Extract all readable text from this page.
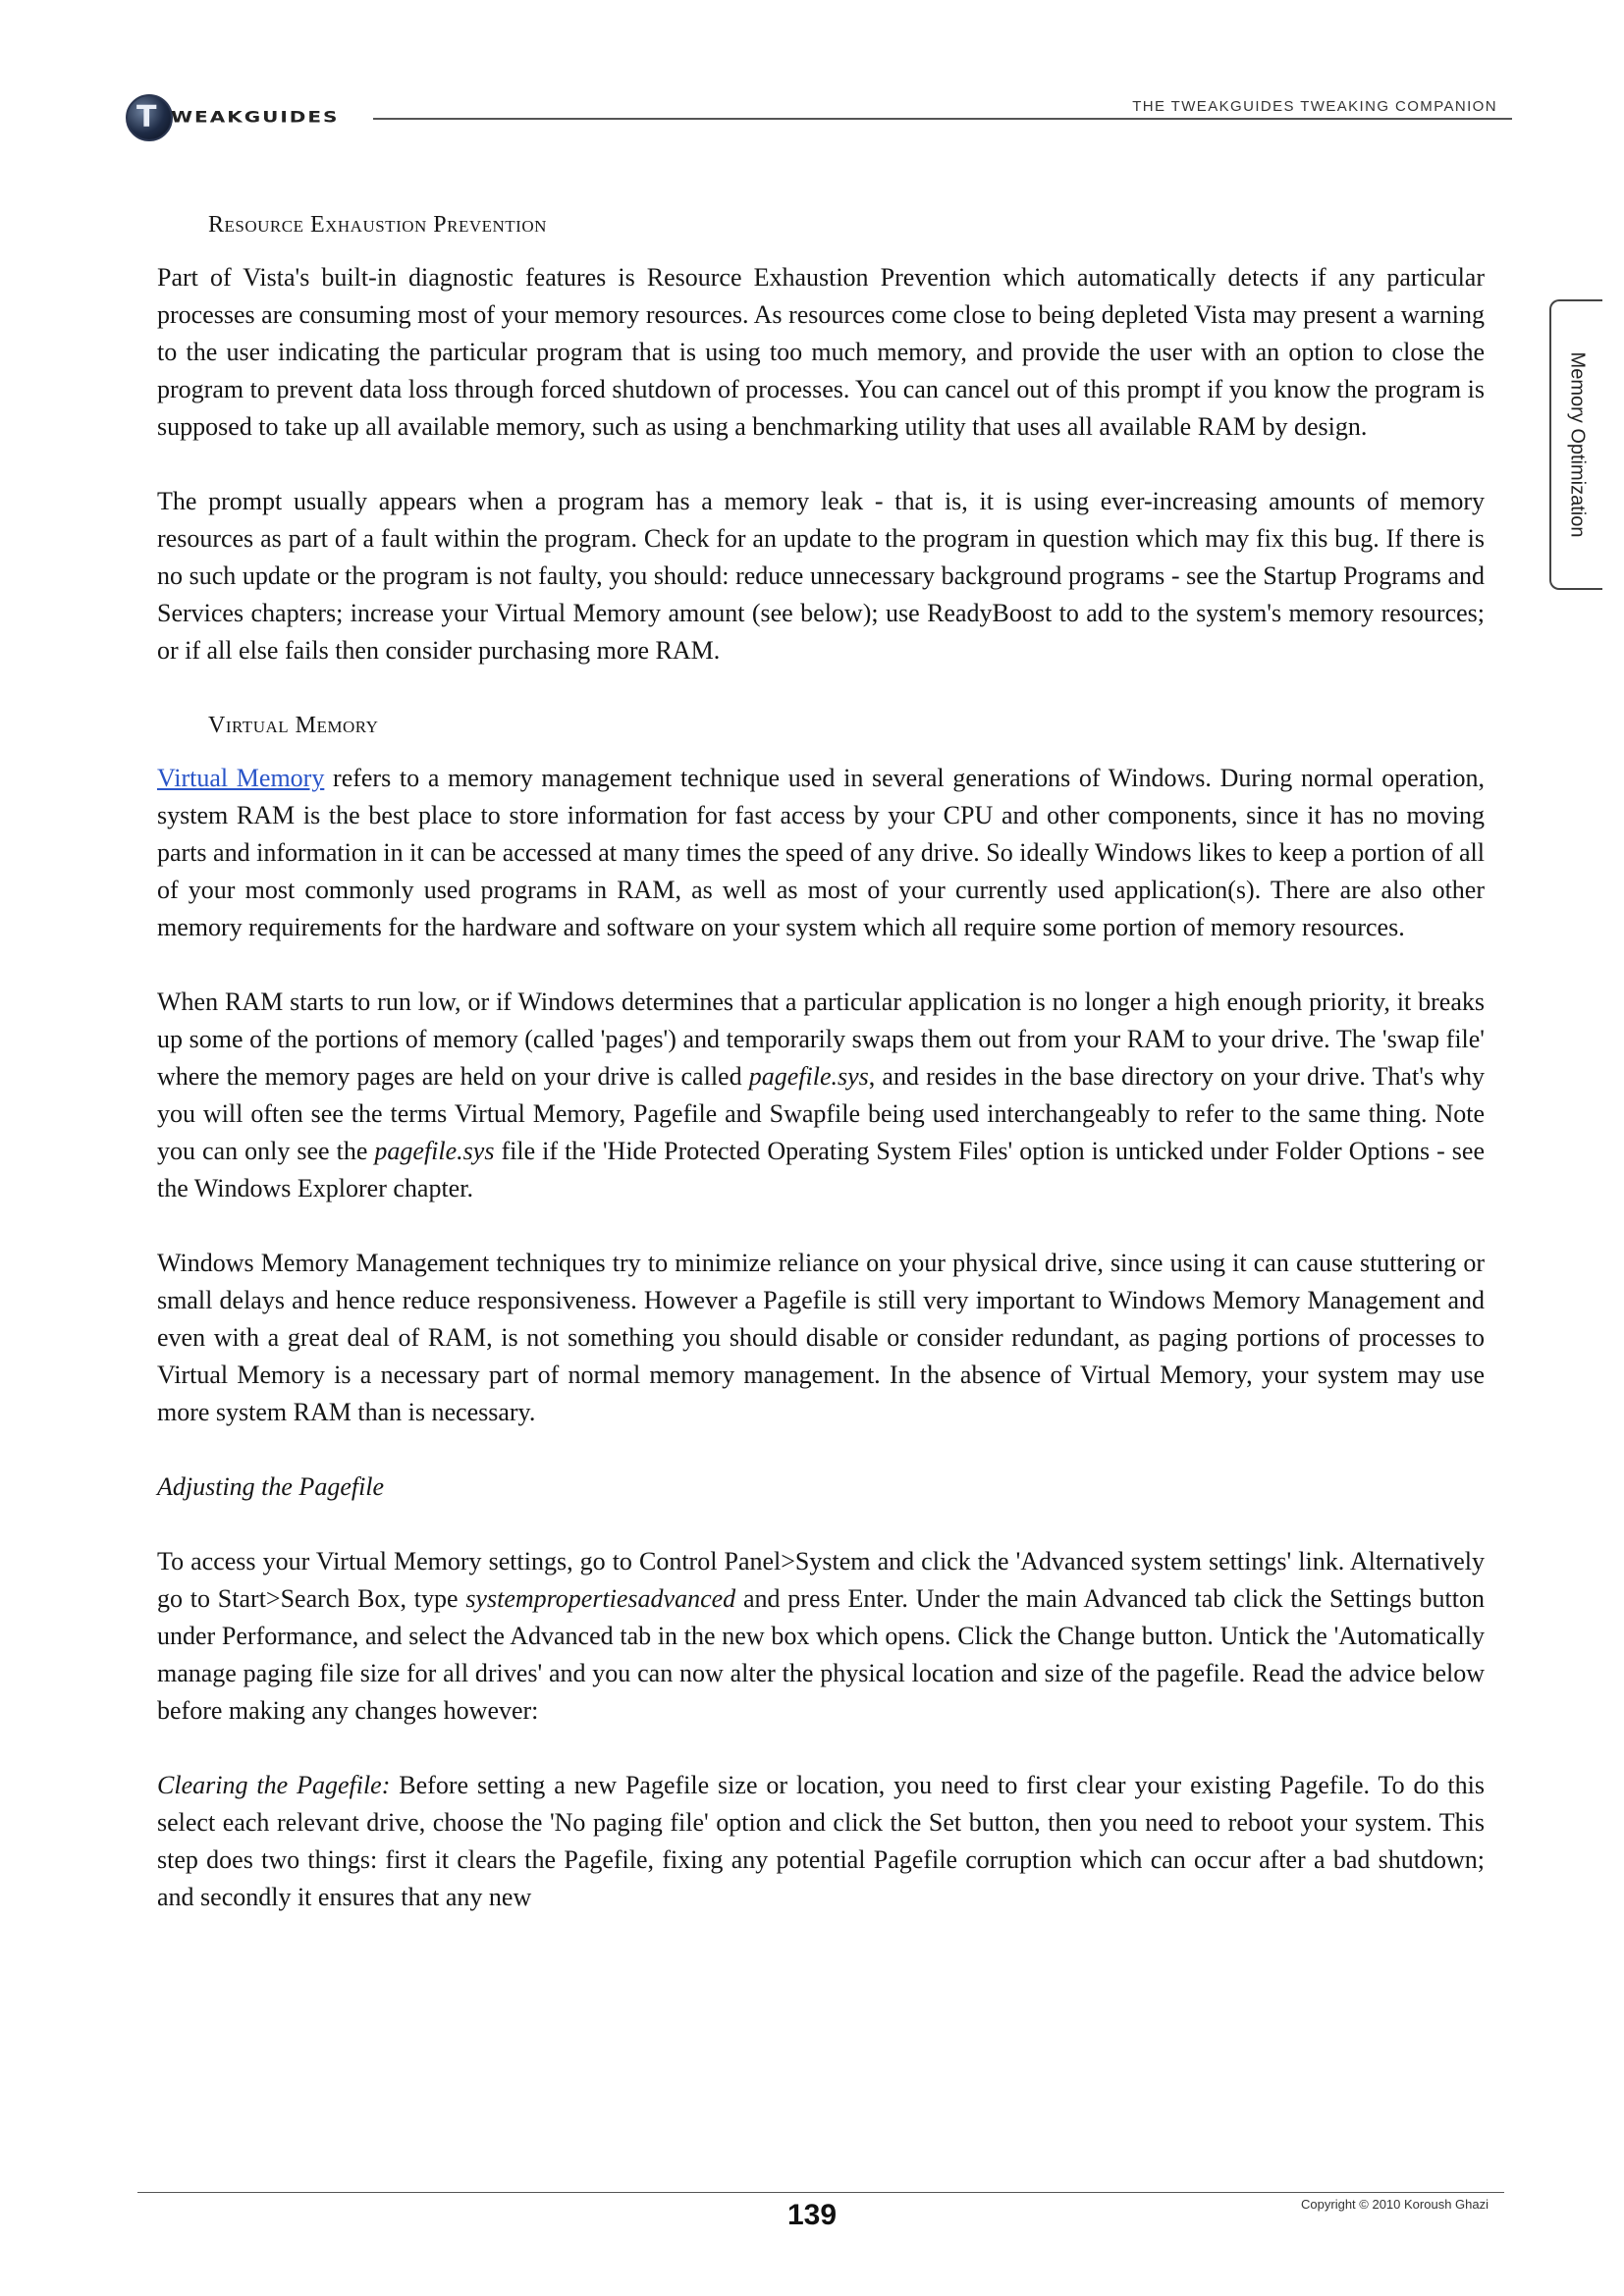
T WEAKGUIDES
THE TWEAKGUIDES TWEAKING COMPANION
Memory Optimization
Resource Exhaustion Prevention

Part of Vista's built-in diagnostic features is Resource Exhaustion Prevention which automatically detects if any particular processes are consuming most of your memory resources. As resources come close to being depleted Vista may present a warning to the user indicating the particular program that is using too much memory, and provide the user with an option to close the program to prevent data loss through forced shutdown of processes. You can cancel out of this prompt if you know the program is supposed to take up all available memory, such as using a benchmarking utility that uses all available RAM by design.

The prompt usually appears when a program has a memory leak - that is, it is using ever-increasing amounts of memory resources as part of a fault within the program. Check for an update to the program in question which may fix this bug. If there is no such update or the program is not faulty, you should: reduce unnecessary background programs - see the Startup Programs and Services chapters; increase your Virtual Memory amount (see below); use ReadyBoost to add to the system's memory resources; or if all else fails then consider purchasing more RAM.

Virtual Memory

Virtual Memory refers to a memory management technique used in several generations of Windows. During normal operation, system RAM is the best place to store information for fast access by your CPU and other components, since it has no moving parts and information in it can be accessed at many times the speed of any drive. So ideally Windows likes to keep a portion of all of your most commonly used programs in RAM, as well as most of your currently used application(s). There are also other memory requirements for the hardware and software on your system which all require some portion of memory resources.

When RAM starts to run low, or if Windows determines that a particular application is no longer a high enough priority, it breaks up some of the portions of memory (called 'pages') and temporarily swaps them out from your RAM to your drive. The 'swap file' where the memory pages are held on your drive is called pagefile.sys, and resides in the base directory on your drive. That's why you will often see the terms Virtual Memory, Pagefile and Swapfile being used interchangeably to refer to the same thing. Note you can only see the pagefile.sys file if the 'Hide Protected Operating System Files' option is unticked under Folder Options - see the Windows Explorer chapter.

Windows Memory Management techniques try to minimize reliance on your physical drive, since using it can cause stuttering or small delays and hence reduce responsiveness. However a Pagefile is still very important to Windows Memory Management and even with a great deal of RAM, is not something you should disable or consider redundant, as paging portions of processes to Virtual Memory is a necessary part of normal memory management. In the absence of Virtual Memory, your system may use more system RAM than is necessary.

Adjusting the Pagefile

To access your Virtual Memory settings, go to Control Panel>System and click the 'Advanced system settings' link. Alternatively go to Start>Search Box, type systempropertiesadvanced and press Enter. Under the main Advanced tab click the Settings button under Performance, and select the Advanced tab in the new box which opens. Click the Change button. Untick the 'Automatically manage paging file size for all drives' and you can now alter the physical location and size of the pagefile. Read the advice below before making any changes however:

Clearing the Pagefile: Before setting a new Pagefile size or location, you need to first clear your existing Pagefile. To do this select each relevant drive, choose the 'No paging file' option and click the Set button, then you need to reboot your system. This step does two things: first it clears the Pagefile, fixing any potential Pagefile corruption which can occur after a bad shutdown; and secondly it ensures that any new

139	Copyright © 2010 Koroush Ghazi
